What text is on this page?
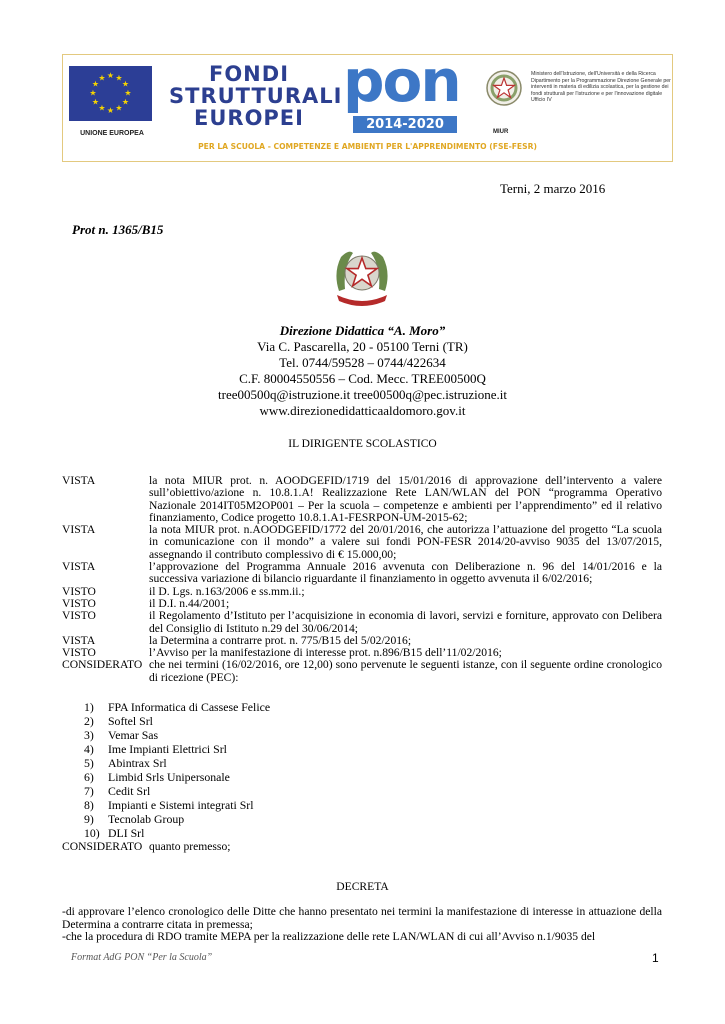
★ ★
★
★
★
★
★
★
★
★
★
★
UNIONE EUROPEA
FONDI
STRUTTURALI
EUROPEI
pon
2014-2020	MIUR
Ministero dell'Istruzione, dell'Università e della Ricerca Dipartimento per la Programmazione Direzione Generale per interventi in materia di edilizia scolastica, per la gestione dei fondi strutturali per l'istruzione e per l'innovazione digitale Ufficio IV
PER LA SCUOLA - COMPETENZE E AMBIENTI PER L'APPRENDIMENTO (FSE-FESR)
Terni, 2 marzo 2016
Prot n. 1365/B15
Direzione Didattica “A. Moro”
Via C. Pascarella, 20 - 05100 Terni (TR)
Tel. 0744/59528 – 0744/422634
C.F. 80004550556 – Cod. Mecc. TREE00500Q
tree00500q@istruzione.it tree00500q@pec.istruzione.it
www.direzionedidatticaaldomoro.gov.it
IL DIRIGENTE SCOLASTICO
VISTA	la nota MIUR prot. n. AOODGEFID/1719 del 15/01/2016 di approvazione dell’intervento a valere sull’obiettivo/azione n. 10.8.1.A! Realizzazione Rete LAN/WLAN del PON “programma Operativo Nazionale 2014IT05M2OP001 – Per la scuola – competenze e ambienti per l’apprendimento” ed il relativo finanziamento, Codice progetto 10.8.1.A1-FESRPON-UM-2015-62;
VISTA	la nota MIUR prot. n.AOODGEFID/1772 del 20/01/2016, che autorizza l’attuazione del progetto “La scuola in comunicazione con il mondo” a valere sui fondi PON-FESR 2014/20-avviso 9035 del 13/07/2015, assegnando il contributo complessivo di € 15.000,00;
VISTA	l’approvazione del Programma Annuale 2016 avvenuta con Deliberazione n. 96 del 14/01/2016 e la successiva variazione di bilancio riguardante il finanziamento in oggetto avvenuta il 6/02/2016;
VISTO	il D. Lgs. n.163/2006 e ss.mm.ii.;
VISTO	il D.I. n.44/2001;
VISTO	il Regolamento d’Istituto per l’acquisizione in economia di lavori, servizi e forniture, approvato con Delibera del Consiglio di Istituto n.29 del 30/06/2014;
VISTA	la Determina a contrarre prot. n. 775/B15 del 5/02/2016;
VISTO	l’Avviso per la manifestazione di interesse prot. n.896/B15 dell’11/02/2016;
CONSIDERATO che nei termini (16/02/2016, ore 12,00) sono pervenute le seguenti istanze, con il seguente ordine cronologico di ricezione (PEC):
1)	FPA Informatica di Cassese Felice
2)	Softel Srl
3)	Vemar Sas
4)	Ime Impianti Elettrici Srl
5)	Abintrax Srl
6)	Limbid Srls Unipersonale
7)	Cedit Srl
8)	Impianti e Sistemi integrati Srl
9)	Tecnolab Group
10) DLI Srl
CONSIDERATO quanto premesso;
DECRETA
-di approvare l’elenco cronologico delle Ditte che hanno presentato nei termini la manifestazione di interesse in attuazione della Determina a contrarre citata in premessa;
-che la procedura di RDO tramite MEPA per la realizzazione delle rete LAN/WLAN di cui all’Avviso n.1/9035 del
Format AdG PON “Per la Scuola”	1
